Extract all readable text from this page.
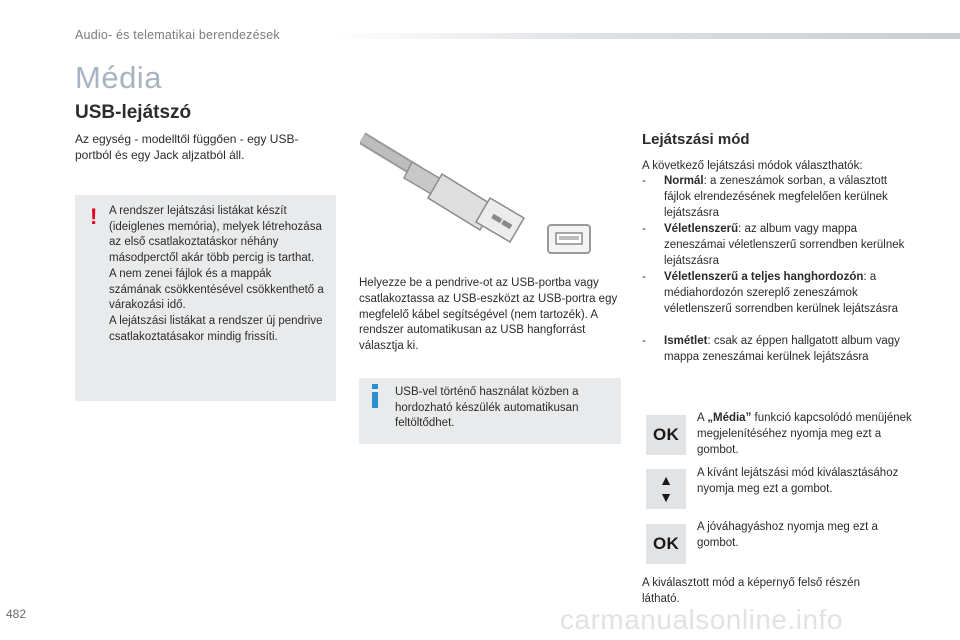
Audio- és telematikai berendezések
Média
USB-lejátszó
Az egység - modelltől függően - egy USB-portból és egy Jack aljzatból áll.
! A rendszer lejátszási listákat készít (ideiglenes memória), melyek létrehozása az első csatlakoztatáskor néhány másodperctől akár több percig is tarthat.
A nem zenei fájlok és a mappák számának csökkentésével csökkenthető a várakozási idő.
A lejátszási listákat a rendszer új pendrive csatlakoztatásakor mindig frissíti.
Helyezze be a pendrive-ot az USB-portba vagy csatlakoztassa az USB-eszközt az USB-portra egy megfelelő kábel segítségével (nem tartozék). A rendszer automatikusan az USB hangforrást választja ki.
USB-vel történő használat közben a
hordozható készülék automatikusan
feltöltődhet.
Lejátszási mód
A következő lejátszási módok választhatók:
- Normál: a zeneszámok sorban, a választott fájlok elrendezésének megfelelően kerülnek lejátszásra
- Véletlenszerű: az album vagy mappa zeneszámai véletlenszerű sorrendben kerülnek lejátszásra
- Véletlenszerű a teljes hanghordozón: a médiahordozón szereplő zeneszámok véletlenszerű sorrendben kerülnek lejátszásra
- Ismétlet: csak az éppen hallgatott album vagy mappa zeneszámai kerülnek lejátszásra
OK
A „Média” funkció kapcsolódó menüjének megjelenítéséhez nyomja meg ezt a gombot.
▲
▼
A kívánt lejátszási mód kiválasztásához nyomja meg ezt a gombot.
OK
A jóváhagyáshoz nyomja meg ezt a gombot.
A kiválasztott mód a képernyő felső részén látható.
482	carmanualsonline.info
